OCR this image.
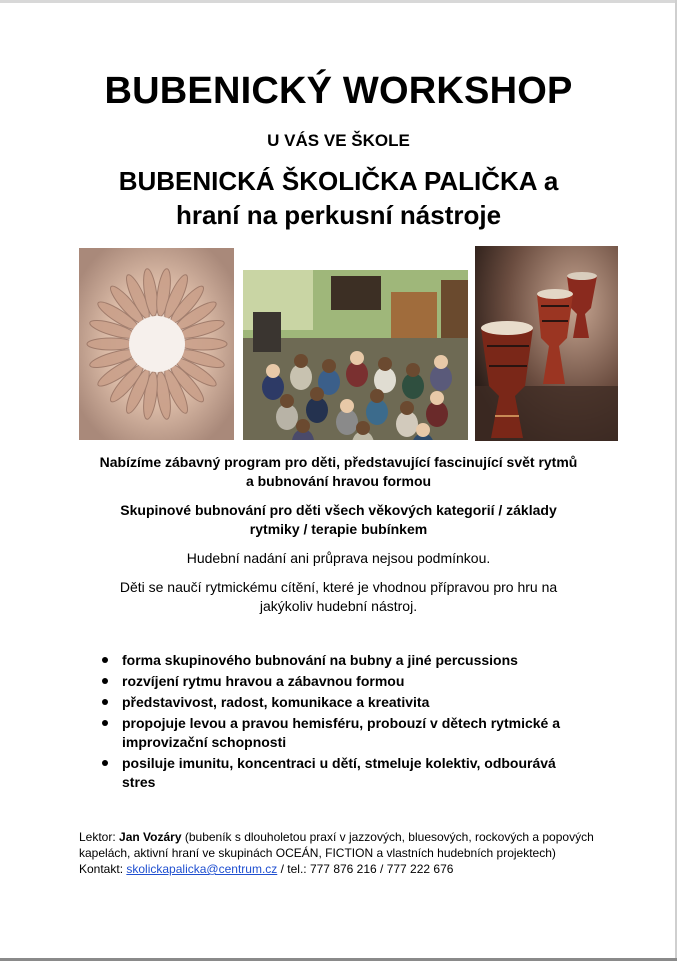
BUBENICKÝ WORKSHOP
U VÁS VE ŠKOLE
BUBENICKÁ ŠKOLIČKA PALIČKA a
hraní na perkusní nástroje
Nabízíme zábavný program pro děti, představující fascinující svět rytmů
a bubnování hravou formou
Skupinové bubnování pro děti všech věkových kategorií / základy
rytmiky / terapie bubínkem
Hudební nadání ani průprava nejsou podmínkou.
Děti se naučí rytmickému cítění, které je vhodnou přípravou pro hru na
jakýkoliv hudební nástroj.
forma skupinového bubnování na bubny a jiné percussions
rozvíjení rytmu hravou a zábavnou formou
představivost, radost, komunikace a kreativita
propojuje levou a pravou hemisféru, probouzí v dětech rytmické a
improvizační schopnosti
posiluje imunitu, koncentraci u dětí, stmeluje kolektiv, odbourává
stres
Lektor: Jan Vozáry (bubeník s dlouholetou praxí v jazzových, bluesových, rockových a popových
kapelách, aktivní hraní ve skupinách OCEÁN, FICTION a vlastních hudebních projektech)
Kontakt: skolickapalicka@centrum.cz / tel.: 777 876 216 / 777 222 676
